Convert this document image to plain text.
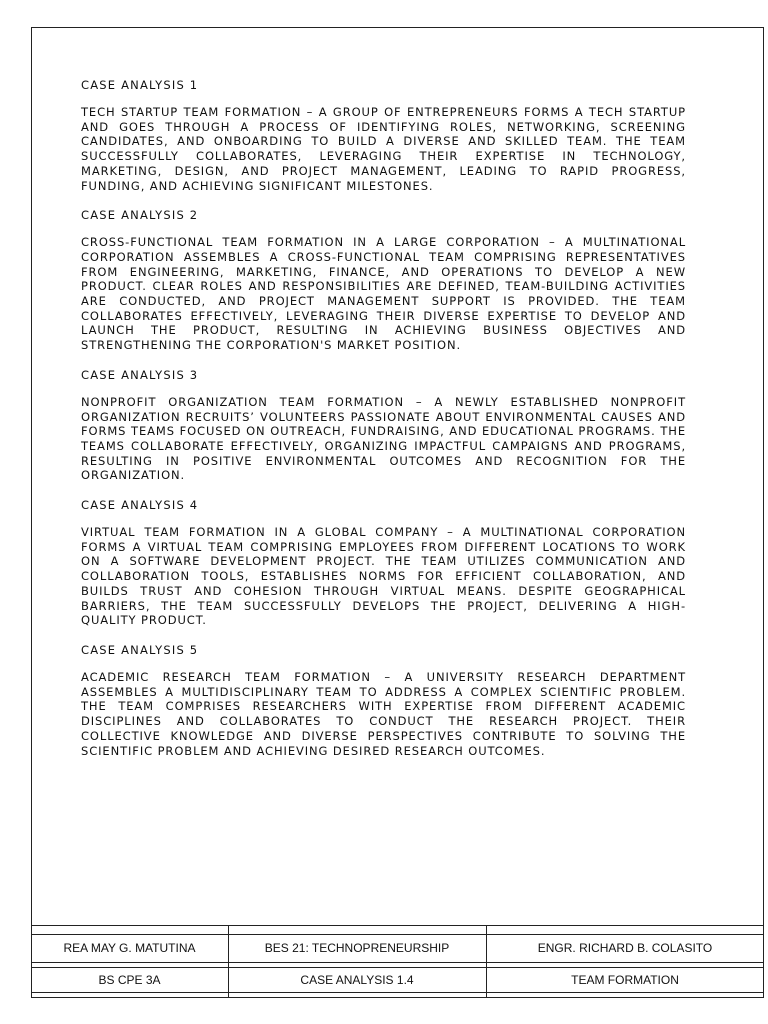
CASE ANALYSIS 1

TECH STARTUP TEAM FORMATION – A GROUP OF ENTREPRENEURS FORMS A TECH STARTUP AND GOES THROUGH A PROCESS OF IDENTIFYING ROLES, NETWORKING, SCREENING CANDIDATES, AND ONBOARDING TO BUILD A DIVERSE AND SKILLED TEAM. THE TEAM SUCCESSFULLY COLLABORATES, LEVERAGING THEIR EXPERTISE IN TECHNOLOGY, MARKETING, DESIGN, AND PROJECT MANAGEMENT, LEADING TO RAPID PROGRESS, FUNDING, AND ACHIEVING SIGNIFICANT MILESTONES.

CASE ANALYSIS 2

CROSS-FUNCTIONAL TEAM FORMATION IN A LARGE CORPORATION – A MULTINATIONAL CORPORATION ASSEMBLES A CROSS-FUNCTIONAL TEAM COMPRISING REPRESENTATIVES FROM ENGINEERING, MARKETING, FINANCE, AND OPERATIONS TO DEVELOP A NEW PRODUCT. CLEAR ROLES AND RESPONSIBILITIES ARE DEFINED, TEAM-BUILDING ACTIVITIES ARE CONDUCTED, AND PROJECT MANAGEMENT SUPPORT IS PROVIDED. THE TEAM COLLABORATES EFFECTIVELY, LEVERAGING THEIR DIVERSE EXPERTISE TO DEVELOP AND LAUNCH THE PRODUCT, RESULTING IN ACHIEVING BUSINESS OBJECTIVES AND STRENGTHENING THE CORPORATION'S MARKET POSITION.

CASE ANALYSIS 3

NONPROFIT ORGANIZATION TEAM FORMATION – A NEWLY ESTABLISHED NONPROFIT ORGANIZATION RECRUITS’ VOLUNTEERS PASSIONATE ABOUT ENVIRONMENTAL CAUSES AND FORMS TEAMS FOCUSED ON OUTREACH, FUNDRAISING, AND EDUCATIONAL PROGRAMS. THE TEAMS COLLABORATE EFFECTIVELY, ORGANIZING IMPACTFUL CAMPAIGNS AND PROGRAMS, RESULTING IN POSITIVE ENVIRONMENTAL OUTCOMES AND RECOGNITION FOR THE ORGANIZATION.

CASE ANALYSIS 4

VIRTUAL TEAM FORMATION IN A GLOBAL COMPANY – A MULTINATIONAL CORPORATION FORMS A VIRTUAL TEAM COMPRISING EMPLOYEES FROM DIFFERENT LOCATIONS TO WORK ON A SOFTWARE DEVELOPMENT PROJECT. THE TEAM UTILIZES COMMUNICATION AND COLLABORATION TOOLS, ESTABLISHES NORMS FOR EFFICIENT COLLABORATION, AND BUILDS TRUST AND COHESION THROUGH VIRTUAL MEANS. DESPITE GEOGRAPHICAL BARRIERS, THE TEAM SUCCESSFULLY DEVELOPS THE PROJECT, DELIVERING A HIGH-QUALITY PRODUCT.

CASE ANALYSIS 5

ACADEMIC RESEARCH TEAM FORMATION – A UNIVERSITY RESEARCH DEPARTMENT ASSEMBLES A MULTIDISCIPLINARY TEAM TO ADDRESS A COMPLEX SCIENTIFIC PROBLEM. THE TEAM COMPRISES RESEARCHERS WITH EXPERTISE FROM DIFFERENT ACADEMIC DISCIPLINES AND COLLABORATES TO CONDUCT THE RESEARCH PROJECT. THEIR COLLECTIVE KNOWLEDGE AND DIVERSE PERSPECTIVES CONTRIBUTE TO SOLVING THE SCIENTIFIC PROBLEM AND ACHIEVING DESIRED RESEARCH OUTCOMES.

REA MAY G. MATUTINA	BES 21: TECHNOPRENEURSHIP	ENGR. RICHARD B. COLASITO
BS CPE 3A	CASE ANALYSIS 1.4	TEAM FORMATION
